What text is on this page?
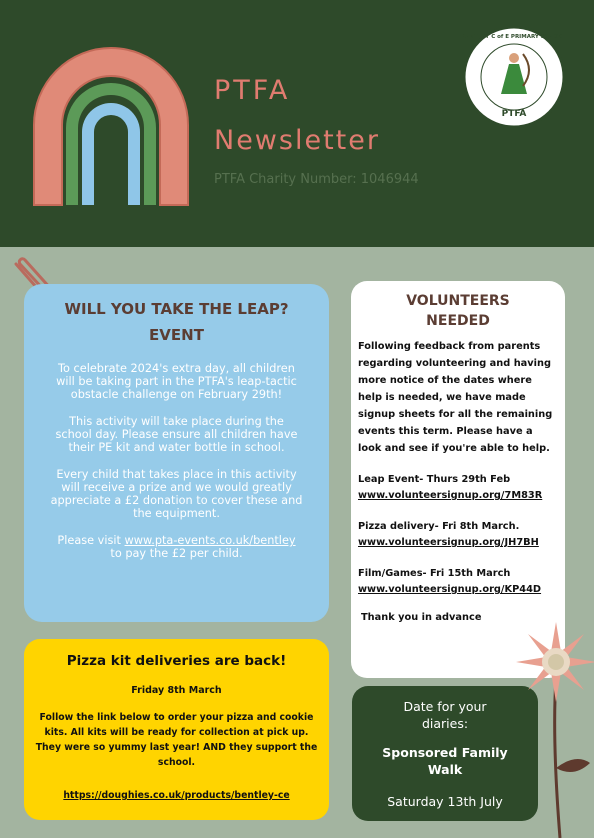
PTFA
Newsletter
PTFA Charity Number: 1046944
PTFA
BENTLEY C of E PRIMARY SCHOOL
WILL YOU TAKE THE LEAP?
EVENT

To celebrate 2024's extra day, all children will be taking part in the PTFA's leap-tactic obstacle challenge on February 29th!

This activity will take place during the school day. Please ensure all children have their PE kit and water bottle in school.

Every child that takes place in this activity will receive a prize and we would greatly appreciate a £2 donation to cover these and the equipment.

Please visit www.pta-events.co.uk/bentley to pay the £2 per child.

Pizza kit deliveries are back!
Friday 8th March
Follow the link below to order your pizza and cookie kits. All kits will be ready for collection at pick up. They were so yummy last year! AND they support the school.
https://doughies.co.uk/products/bentley-ce
VOLUNTEERS
NEEDED
Following feedback from parents regarding volunteering and having more notice of the dates where help is needed, we have made signup sheets for all the remaining events this term. Please have a look and see if you're able to help.
Leap Event- Thurs 29th Feb
www.volunteersignup.org/7M83R
Pizza delivery- Fri 8th March.
www.volunteersignup.org/JH7BH
Film/Games- Fri 15th March
www.volunteersignup.org/KP44D
Thank you in advance
Date for your
diaries:
Sponsored Family
Walk
Saturday 13th July
